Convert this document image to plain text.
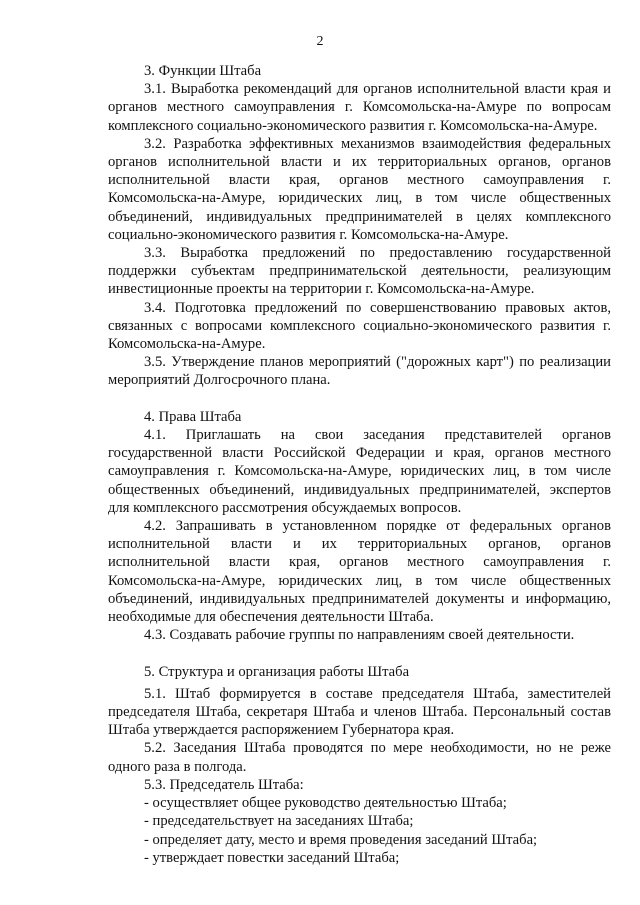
2

3. Функции Штаба

3.1. Выработка рекомендаций для органов исполнительной власти края и органов местного самоуправления г. Комсомольска-на-Амуре по вопросам комплексного социально-экономического развития г. Комсомольска-на-Амуре.

3.2. Разработка эффективных механизмов взаимодействия федеральных органов исполнительной власти и их территориальных органов, органов исполнительной власти края, органов местного самоуправления г. Комсомольска-на-Амуре, юридических лиц, в том числе общественных объединений, индивидуальных предпринимателей в целях комплексного социально-экономического развития г. Комсомольска-на-Амуре.

3.3. Выработка предложений по предоставлению государственной поддержки субъектам предпринимательской деятельности, реализующим инвестиционные проекты на территории г. Комсомольска-на-Амуре.

3.4. Подготовка предложений по совершенствованию правовых актов, связанных с вопросами комплексного социально-экономического развития г. Комсомольска-на-Амуре.

3.5. Утверждение планов мероприятий ("дорожных карт") по реализации мероприятий Долгосрочного плана.

4. Права Штаба

4.1. Приглашать на свои заседания представителей органов государственной власти Российской Федерации и края, органов местного самоуправления г. Комсомольска-на-Амуре, юридических лиц, в том числе общественных объединений, индивидуальных предпринимателей, экспертов для комплексного рассмотрения обсуждаемых вопросов.

4.2. Запрашивать в установленном порядке от федеральных органов исполнительной власти и их территориальных органов, органов исполнительной власти края, органов местного самоуправления г. Комсомольска-на-Амуре, юридических лиц, в том числе общественных объединений, индивидуальных предпринимателей документы и информацию, необходимые для обеспечения деятельности Штаба.

4.3. Создавать рабочие группы по направлениям своей деятельности.

5. Структура и организация работы Штаба

5.1. Штаб формируется в составе председателя Штаба, заместителей председателя Штаба, секретаря Штаба и членов Штаба. Персональный состав Штаба утверждается распоряжением Губернатора края.

5.2. Заседания Штаба проводятся по мере необходимости, но не реже одного раза в полгода.

5.3. Председатель Штаба:

- осуществляет общее руководство деятельностью Штаба;

- председательствует на заседаниях Штаба;

- определяет дату, место и время проведения заседаний Штаба;

- утверждает повестки заседаний Штаба;
